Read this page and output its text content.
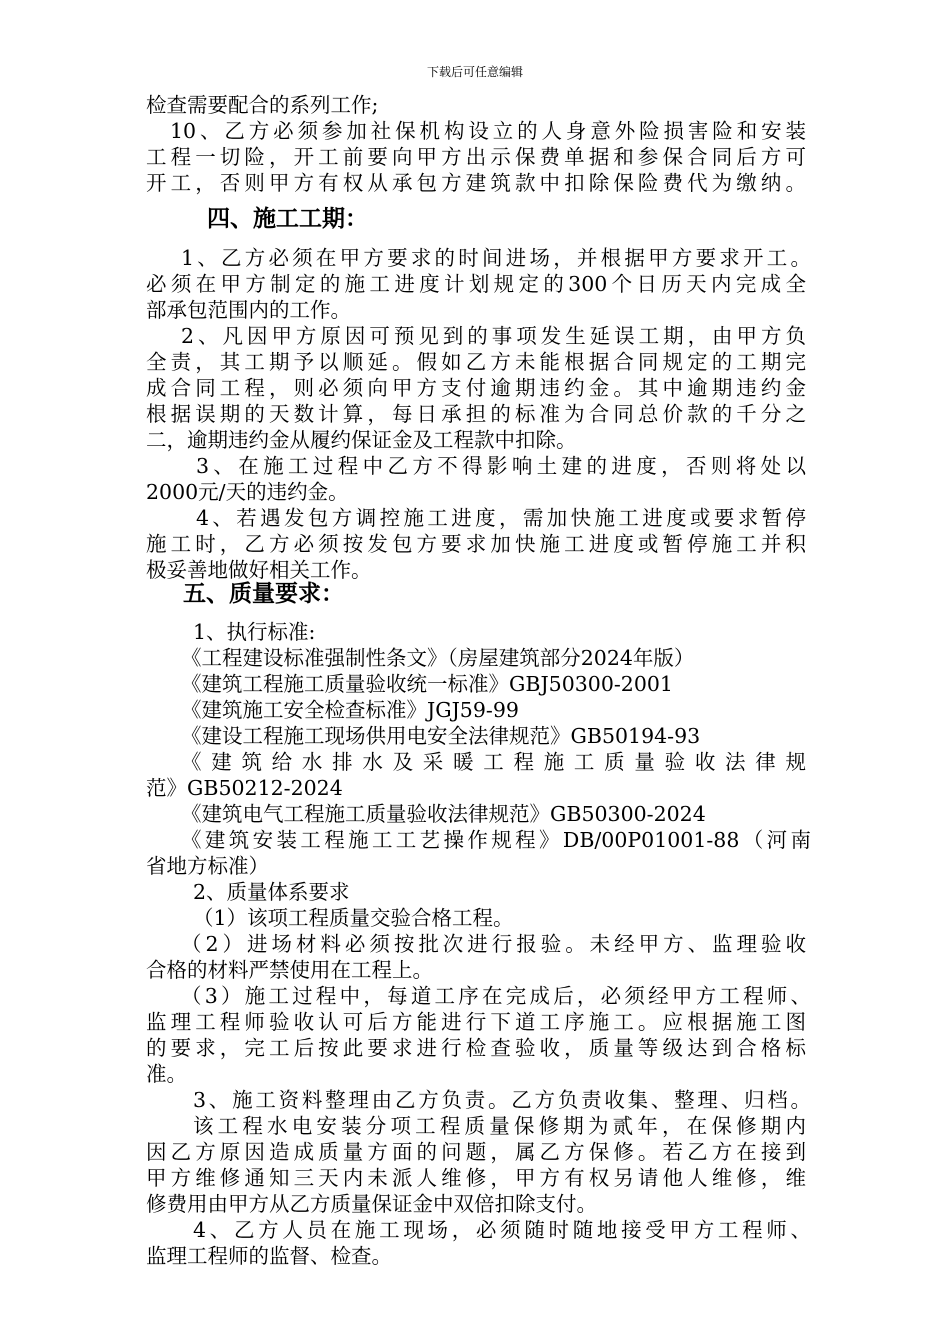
下载后可任意编辑
检查需要配合的系列工作;
10、乙方必须参加社保机构设立的人身意外险损害险和安装
工程一切险，开工前要向甲方出示保费单据和参保合同后方可
开工，否则甲方有权从承包方建筑款中扣除保险费代为缴纳。
四、施工工期：
1、乙方必须在甲方要求的时间进场，并根据甲方要求开工。
必须在甲方制定的施工进度计划规定的300个日历天内完成全
部承包范围内的工作。
2、凡因甲方原因可预见到的事项发生延误工期，由甲方负
全责，其工期予以顺延。假如乙方未能根据合同规定的工期完
成合同工程，则必须向甲方支付逾期违约金。其中逾期违约金
根据误期的天数计算，每日承担的标准为合同总价款的千分之
二，逾期违约金从履约保证金及工程款中扣除。
3、在施工过程中乙方不得影响土建的进度，否则将处以
2000元/天的违约金。
4、若遇发包方调控施工进度，需加快施工进度或要求暂停
施工时，乙方必须按发包方要求加快施工进度或暂停施工并积
极妥善地做好相关工作。
五、质量要求：
1、执行标准:
《工程建设标准强制性条文》（房屋建筑部分2024年版）
《建筑工程施工质量验收统一标准》GBJ50300-2001
《建筑施工安全检查标准》JGJ59-99
《建设工程施工现场供用电安全法律规范》GB50194-93
《建筑给水排水及采暖工程施工质量验收法律规
范》GB50212-2024
《建筑电气工程施工质量验收法律规范》GB50300-2024
《建筑安装工程施工工艺操作规程》DB/00P01001-88（河南
省地方标准）
2、质量体系要求
（1）该项工程质量交验合格工程。
（2）进场材料必须按批次进行报验。未经甲方、监理验收
合格的材料严禁使用在工程上。
（3）施工过程中，每道工序在完成后，必须经甲方工程师、
监理工程师验收认可后方能进行下道工序施工。应根据施工图
的要求，完工后按此要求进行检查验收，质量等级达到合格标
准。
3、施工资料整理由乙方负责。乙方负责收集、整理、归档。
该工程水电安装分项工程质量保修期为贰年，在保修期内
因乙方原因造成质量方面的问题，属乙方保修。若乙方在接到
甲方维修通知三天内未派人维修，甲方有权另请他人维修，维
修费用由甲方从乙方质量保证金中双倍扣除支付。
4、乙方人员在施工现场，必须随时随地接受甲方工程师、
监理工程师的监督、检查。
